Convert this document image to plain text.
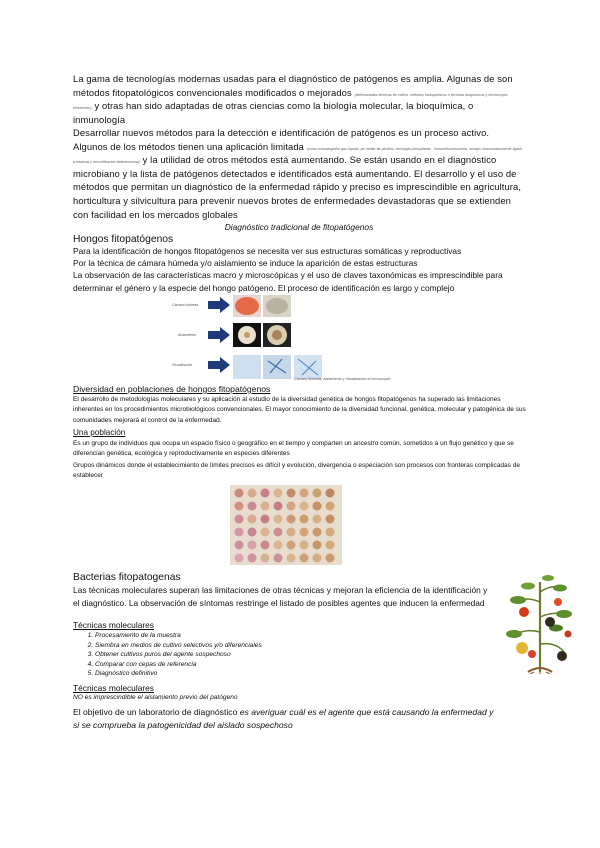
La gama de tecnologías modernas usadas para el diagnóstico de patógenos es amplia. Algunas de son métodos fitopatológicos convencionales modificados o mejorados (determinadas técnicas de cultivo, métodos histoquímicos o técnicas bioquímicas y microscopio electrónico) y otras han sido adaptadas de otras ciencias como la biología molecular, la bioquímica, o inmunología

Desarrollar nuevos métodos para la detección e identificación de patógenos es un proceso activo. Algunos de los métodos tienen una aplicación limitada (como cromatografía gas-líquido, pir medio de pirólisis, serología precipitante, inmunofluorescencia, ensayo inmunoabsorbente ligado a enzimas y microfiltración bidimensional) y la utilidad de otros métodos está aumentando. Se están usando en el diagnóstico microbiano y la lista de patógenos detectados e identificados está aumentando. El desarrollo y el uso de métodos que permitan un diagnóstico de la enfermedad rápido y preciso es imprescindible en agricultura, horticultura y silvicultura para prevenir nuevos brotes de enfermedades devastadoras que se extienden con facilidad en los mercados globales

Diagnóstico tradicional de fitopatógenos

Hongos fitopatógenos

Para la identificación de hongos fitopatógenos se necesita ver sus estructuras somáticas y reproductivas

Por la técnica de cámara húmeda y/o aislamiento se induce la aparición de estas estructuras

La observación de las características macro y microscópicas y el uso de claves taxonómicas es imprescindible para determinar el género y la especie del hongo patógeno. El proceso de identificación es largo y complejo

Cámara húmeda
Aislamiento
Visualización
Cámara Húmeda, Aislamiento y Visualización al microscopio

Diversidad en poblaciones de hongos fitopatógenos

El desarrollo de metodologías moleculares y su aplicación al estudio de la diversidad genética de hongos fitopatógenos ha superado las limitaciones inherentes en los procedimientos microbiológicos convencionales. El mayor conocimiento de la diversidad funcional, genética, molecular y patogénica de sus comunidades mejorará el control de la enfermedad.

Una población

Es un grupo de individuos que ocupa un espacio físico o geográfico en el tiempo y comparten un ancestro común, sometidos a un flujo genético y que se diferencian genética, ecológica y reproductivamente en especies diferentes

Grupos dinámicos donde el establecimiento de límites precisos es difícil y evolución, divergencia o especiación son procesos con fronteras complicadas de establecer

Bacterias fitopatogenas

Las técnicas moleculares superan las limitaciones de otras técnicas y mejoran la eficiencia de la identificación y el diagnóstico. La observación de síntomas restringe el listado de posibles agentes que inducen la enfermedad

Técnicas moleculares

1. Procesamiento de la muestra
2. Siembra en medios de cultivo selectivos y/o diferenciales
3. Obtener cultivos puros del agente sospechoso
4. Comparar con cepas de referencia
5. Diagnóstico definitivo

Técnicas moleculares

NO es imprescindible el aislamiento previo del patógeno

El objetivo de un laboratorio de diagnóstico es averiguar cuál es el agente que está causando la enfermedad y si se comprueba la patogenicidad del aislado sospechoso
